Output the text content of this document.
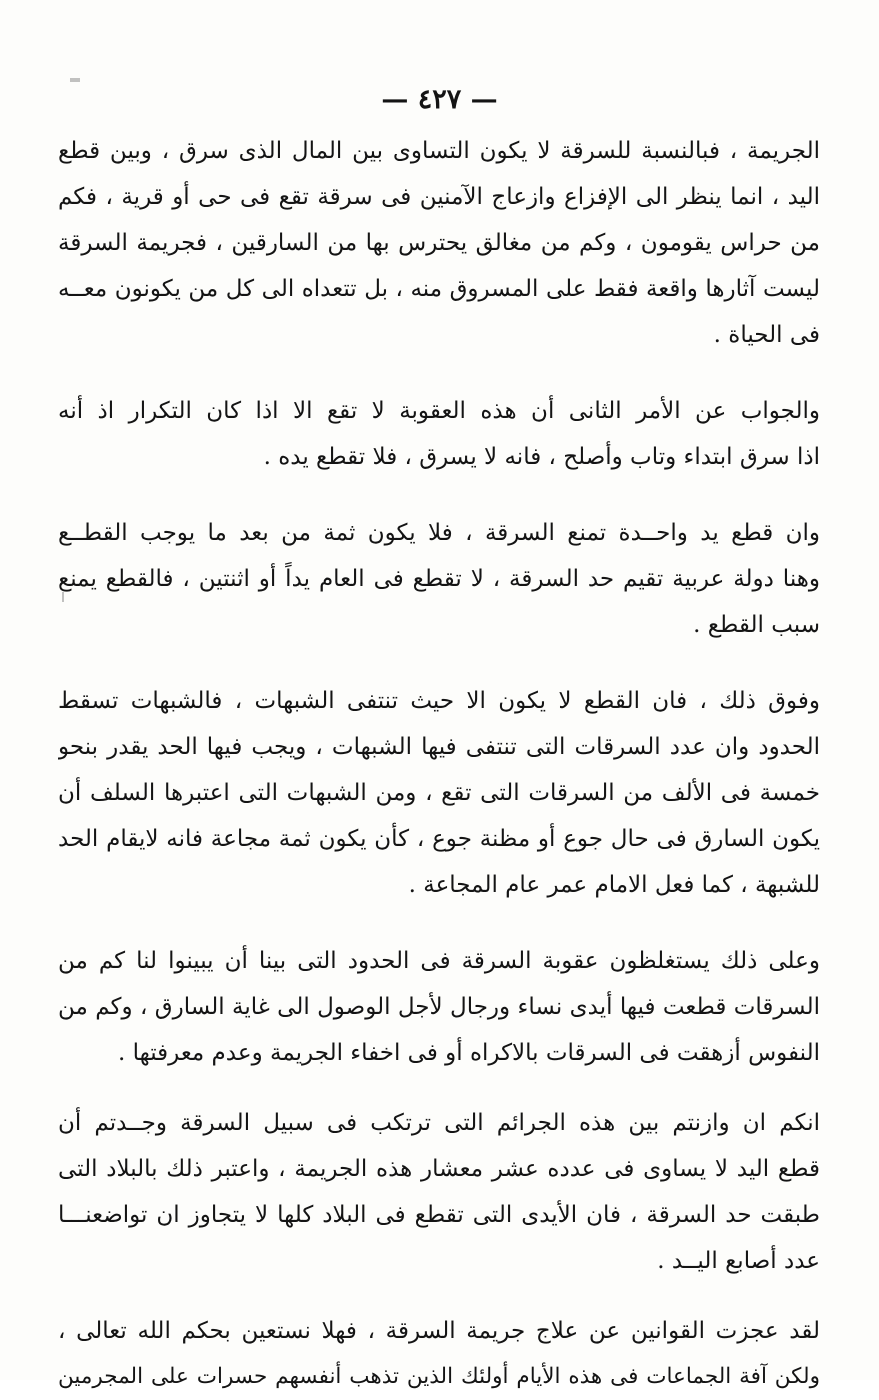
— ٤٢٧ —
الجريمة ، فبالنسبة للسرقة لا يكون التساوى بين المال الذى سرق ، وبين قطع
اليد ، انما ينظر الى الإفزاع وازعاج الآمنين فى سرقة تقع فى حى أو قرية ، فكم
من حراس يقومون ، وكم من مغالق يحترس بها من السارقين ، فجريمة السرقة
ليست آثارها واقعة فقط على المسروق منه ، بل تتعداه الى كل من يكونون معــه
فى الحياة .
والجواب عن الأمر الثانى أن هذه العقوبة لا تقع الا اذا كان التكرار اذ أنه
اذا سرق ابتداء وتاب وأصلح ، فانه لا يسرق ، فلا تقطع يده .
وان قطع يد واحــدة تمنع السرقة ، فلا يكون ثمة من بعد ما يوجب القطــع
وهنا دولة عربية تقيم حد السرقة ، لا تقطع فى العام يداً أو اثنتين ، فالقطع يمنع
سبب القطع .
وفوق ذلك ، فان القطع لا يكون الا حيث تنتفى الشبهات ، فالشبهات تسقط
الحدود وان عدد السرقات التى تنتفى فيها الشبهات ، ويجب فيها الحد يقدر بنحو
خمسة فى الألف من السرقات التى تقع ، ومن الشبهات التى اعتبرها السلف أن
يكون السارق فى حال جوع أو مظنة جوع ، كأن يكون ثمة مجاعة فانه لايقام الحد
للشبهة ، كما فعل الامام عمر عام المجاعة .
وعلى ذلك يستغلظون عقوبة السرقة فى الحدود التى بينا أن يبينوا لنا كم من
السرقات قطعت فيها أيدى نساء ورجال لأجل الوصول الى غاية السارق ، وكم من
النفوس أزهقت فى السرقات بالاكراه أو فى اخفاء الجريمة وعدم معرفتها .
انكم ان وازنتم بين هذه الجرائم التى ترتكب فى سبيل السرقة وجــدتم أن
قطع اليد لا يساوى فى عدده عشر معشار هذه الجريمة ، واعتبر ذلك بالبلاد التى
طبقت حد السرقة ، فان الأيدى التى تقطع فى البلاد كلها لا يتجاوز ان تواضعنـــا
عدد أصابع اليــد .
لقد عجزت القوانين عن علاج جريمة السرقة ، فهلا نستعين بحكم الله تعالى ،
ولكن آفة الجماعات فى هذه الأيام أولئك الذين تذهب أنفسهم حسرات على المجرمين
